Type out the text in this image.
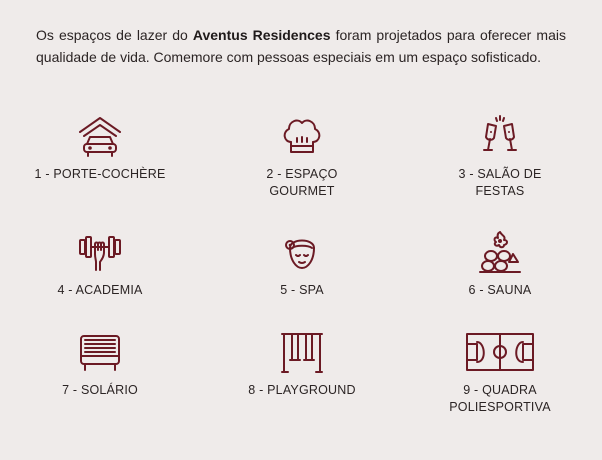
Os espaços de lazer do Aventus Residences foram projetados para oferecer mais qualidade de vida. Comemore com pessoas especiais em um espaço sofisticado.

1 - PORTE-COCHÈRE	2 - ESPAÇO
GOURMET
3 - SALÃO DE
FESTAS
4 - ACADEMIA	5 - SPA	6 - SAUNA

7 - SOLÁRIO	8 - PLAYGROUND	9 - QUADRA
POLIESPORTIVA
